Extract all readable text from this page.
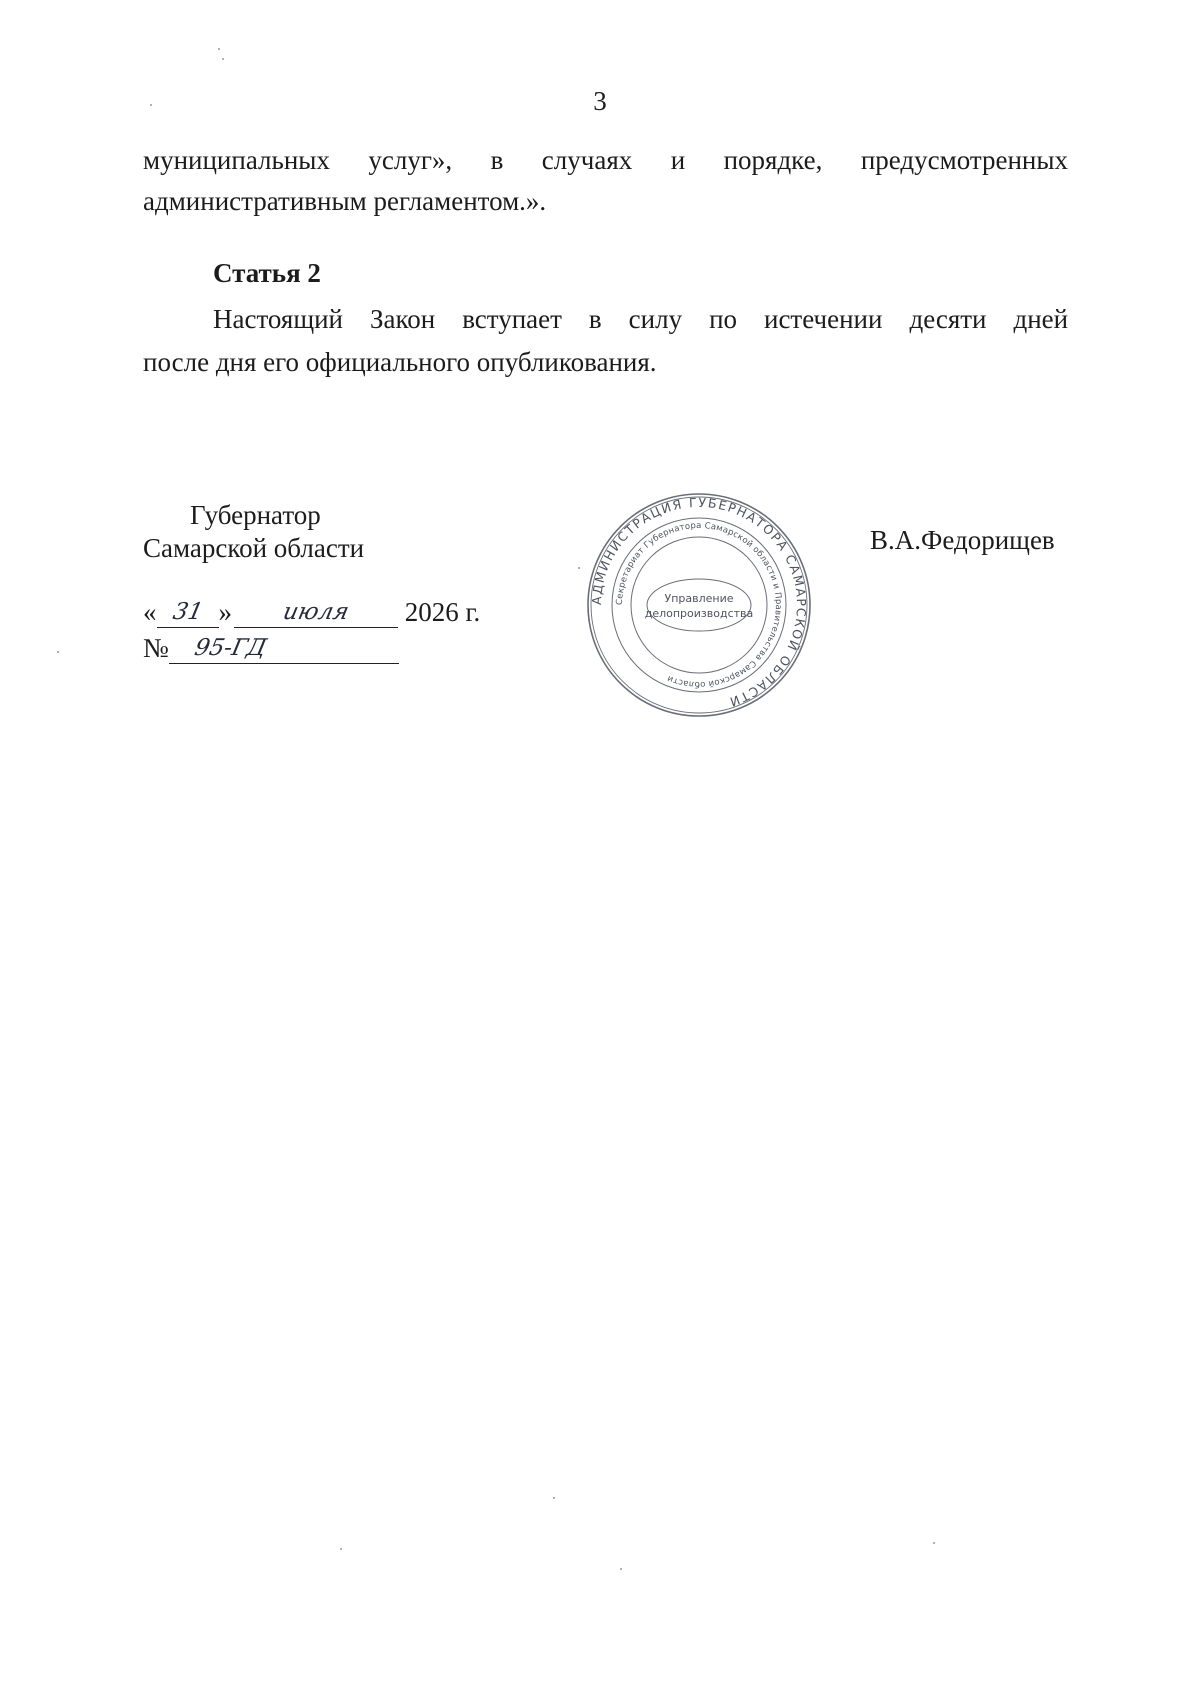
3
муниципальных услуг», в случаях и порядке, предусмотренных
административным регламентом.».
Статья 2
Настоящий Закон вступает в силу по истечении десяти дней
после дня его официального опубликования.
Губернатор
Самарской области	В.А.Федорищев
« 31 »	июля	2026 г.
№ 95-ГД
АДМИНИСТРАЦИЯ ГУБЕРНАТОРА САМАРСКОЙ ОБЛАСТИ
Секретариат Губернатора Самарской области и Правительства Самарской области
Управление
делопроизводства
